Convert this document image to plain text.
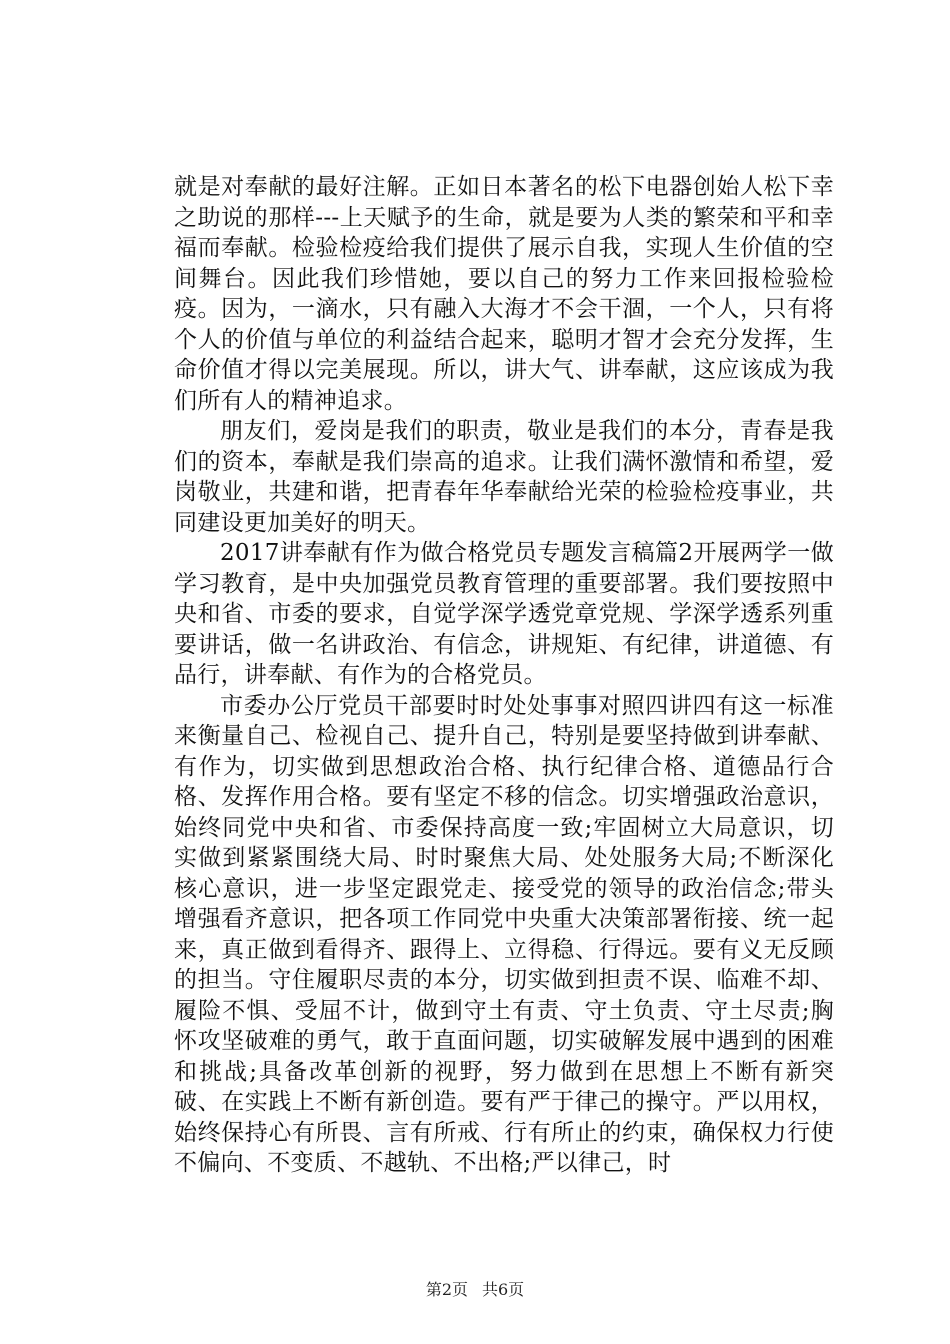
就是对奉献的最好注解。正如日本著名的松下电器创始人松下幸之助说的那样---上天赋予的生命，就是要为人类的繁荣和平和幸福而奉献。检验检疫给我们提供了展示自我，实现人生价值的空间舞台。因此我们珍惜她，要以自己的努力工作来回报检验检疫。因为，一滴水，只有融入大海才不会干涸，一个人，只有将个人的价值与单位的利益结合起来，聪明才智才会充分发挥，生命价值才得以完美展现。所以，讲大气、讲奉献，这应该成为我们所有人的精神追求。

朋友们，爱岗是我们的职责，敬业是我们的本分，青春是我们的资本，奉献是我们崇高的追求。让我们满怀激情和希望，爱岗敬业，共建和谐，把青春年华奉献给光荣的检验检疫事业，共同建设更加美好的明天。

2017讲奉献有作为做合格党员专题发言稿篇2开展两学一做学习教育，是中央加强党员教育管理的重要部署。我们要按照中央和省、市委的要求，自觉学深学透党章党规、学深学透系列重要讲话，做一名讲政治、有信念，讲规矩、有纪律，讲道德、有品行，讲奉献、有作为的合格党员。

市委办公厅党员干部要时时处处事事对照四讲四有这一标准来衡量自己、检视自己、提升自己，特别是要坚持做到讲奉献、有作为，切实做到思想政治合格、执行纪律合格、道德品行合格、发挥作用合格。要有坚定不移的信念。切实增强政治意识，始终同党中央和省、市委保持高度一致;牢固树立大局意识，切实做到紧紧围绕大局、时时聚焦大局、处处服务大局;不断深化核心意识，进一步坚定跟党走、接受党的领导的政治信念;带头增强看齐意识，把各项工作同党中央重大决策部署衔接、统一起来，真正做到看得齐、跟得上、立得稳、行得远。要有义无反顾的担当。守住履职尽责的本分，切实做到担责不误、临难不却、履险不惧、受屈不计，做到守土有责、守土负责、守土尽责;胸怀攻坚破难的勇气，敢于直面问题，切实破解发展中遇到的困难和挑战;具备改革创新的视野，努力做到在思想上不断有新突破、在实践上不断有新创造。要有严于律己的操守。严以用权，始终保持心有所畏、言有所戒、行有所止的约束，确保权力行使不偏向、不变质、不越轨、不出格;严以律己，时

第2页 共6页
